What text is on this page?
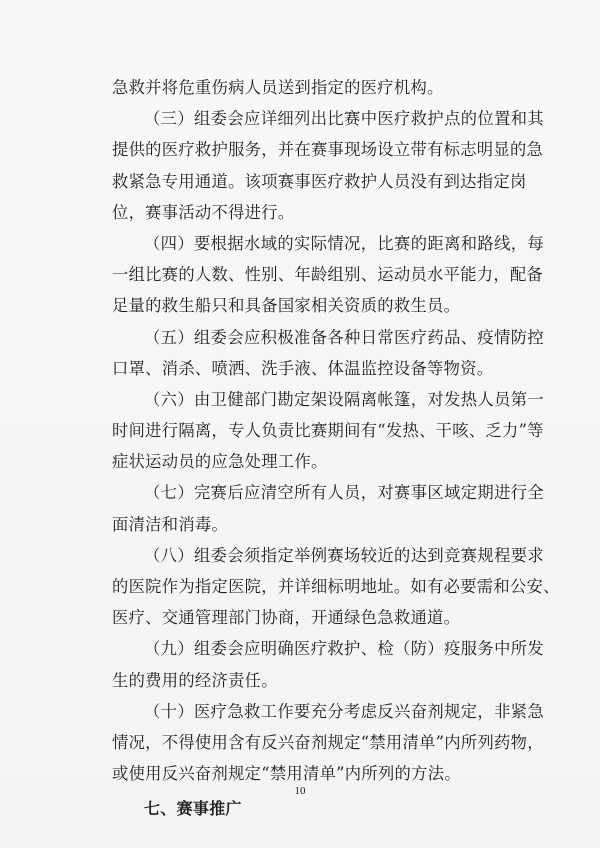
急救并将危重伤病人员送到指定的医疗机构。
（三）组委会应详细列出比赛中医疗救护点的位置和其
提供的医疗救护服务，并在赛事现场设立带有标志明显的急
救紧急专用通道。该项赛事医疗救护人员没有到达指定岗
位，赛事活动不得进行。
（四）要根据水域的实际情况，比赛的距离和路线，每
一组比赛的人数、性别、年龄组别、运动员水平能力，配备
足量的救生船只和具备国家相关资质的救生员。
（五）组委会应积极准备各种日常医疗药品、疫情防控
口罩、消杀、喷洒、洗手液、体温监控设备等物资。
（六）由卫健部门勘定架设隔离帐篷，对发热人员第一
时间进行隔离，专人负责比赛期间有“发热、干咳、乏力”等
症状运动员的应急处理工作。
（七）完赛后应清空所有人员，对赛事区域定期进行全
面清洁和消毒。
（八）组委会须指定举例赛场较近的达到竞赛规程要求
的医院作为指定医院，并详细标明地址。如有必要需和公安、
医疗、交通管理部门协商，开通绿色急救通道。
（九）组委会应明确医疗救护、检（防）疫服务中所发
生的费用的经济责任。
（十）医疗急救工作要充分考虑反兴奋剂规定，非紧急
情况，不得使用含有反兴奋剂规定“禁用清单”内所列药物，
或使用反兴奋剂规定“禁用清单”内所列的方法。
七、赛事推广
10
